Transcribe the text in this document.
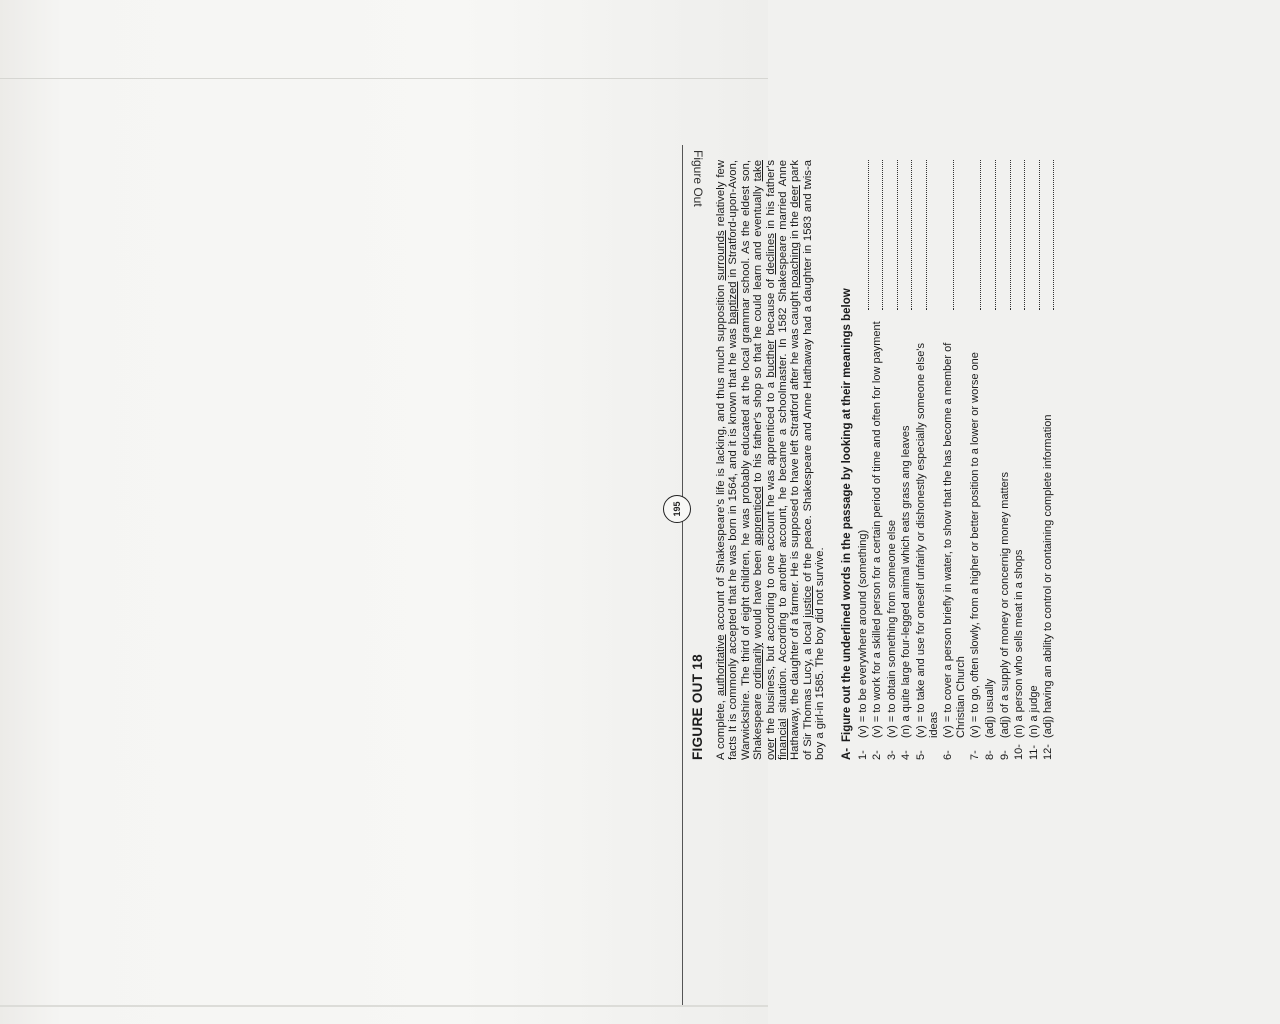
Figure Out
195
FIGURE OUT 18 A complete, authoritative account of Shakespeare's life is lacking, and thus much supposition surrounds relatively few facts It is commonly accepted that he was born in 1564, and it is known that he was baptized in Stratford-upon-Avon, Warwickshire. The third of eight children, he was probably educated at the local grammar school. As the eldest son, Shakespeare ordinarily would have been apprenticed to his father's shop so that he could learn and eventually take over the business, but according to one account he was apprenticed to a bucther because of declines in his father's financial situation. According to another account, he became a schoolmaster. In 1582 Shakespeare married Anne Hathaway, the daughter of a farmer. He is supposed to have left Stratford after he was caught poaching in the deer park of Sir Thomas Lucy, a local justice of the peace. Shakespeare and Anne Hathaway had a daughter in 1583 and twis-a boy a girl-in 1585. The boy did not survive. A-
Figure out the underlined words in the passage by looking at their meanings below
1-
(v) = to be everywhere around (something)
2-
(v) = to work for a skilled person for a certain period of time and often for low payment
3-
(v) = to obtain something from someone else
4-
(n) a quite large four-legged animal which eats grass ang leaves
5-
(v) = to take and use for oneself unfairly or dishonestly especially someone else's ideas
6-
(v) = to cover a person briefly in water, to show that the has become a member of Christian Church
7-
(v) = to go, often slowly, from a higher or better position to a lower or worse one
8-
(adj) usually
9-
(adj) of a supply of money or concernig money matters
10-
(n) a person who sells meat in a shops
11-
(n) a judge
12-
(adj) having an ability to control or containing complete information
